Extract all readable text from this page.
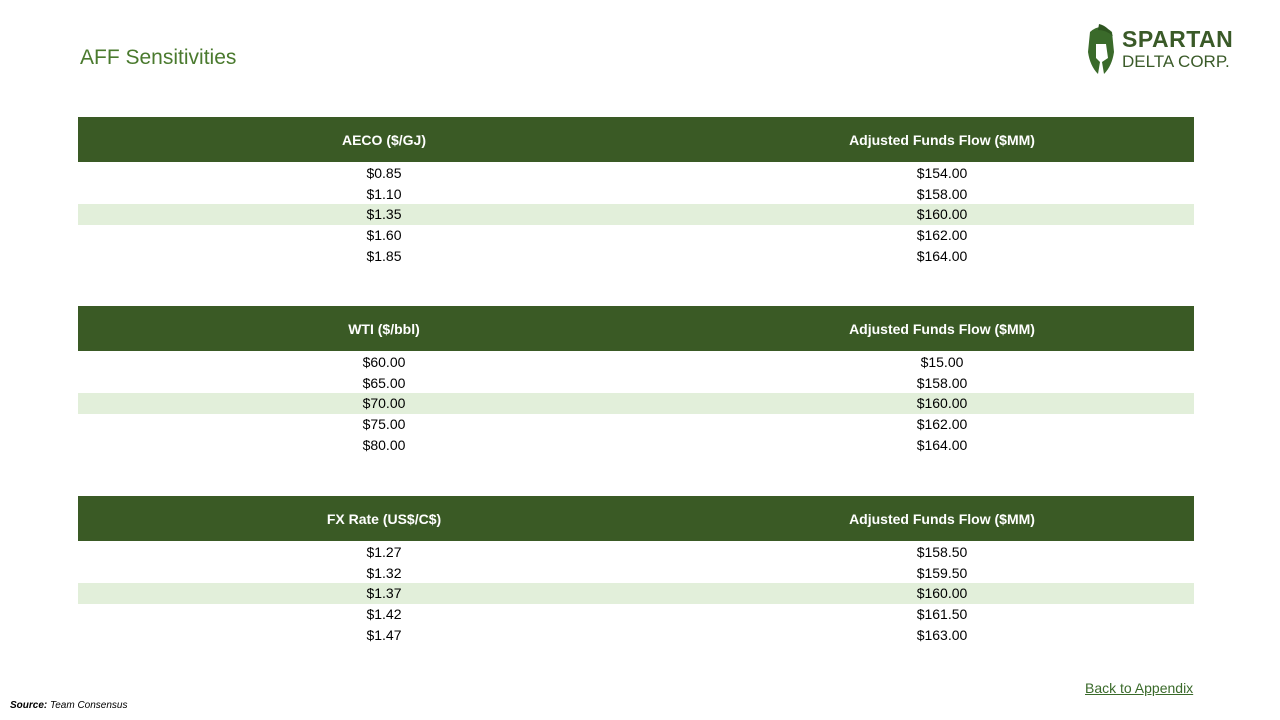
AFF Sensitivities
SPARTAN
DELTA CORP.
AECO ($/GJ)	Adjusted Funds Flow ($MM)
$0.85	$154.00
$1.10	$158.00
$1.35	$160.00
$1.60	$162.00
$1.85	$164.00
WTI ($/bbl)	Adjusted Funds Flow ($MM)
$60.00	$15.00
$65.00	$158.00
$70.00	$160.00
$75.00	$162.00
$80.00	$164.00
FX Rate (US$/C$)	Adjusted Funds Flow ($MM)
$1.27	$158.50
$1.32	$159.50
$1.37	$160.00
$1.42	$161.50
$1.47	$163.00
Back to Appendix
Source: Team Consensus
